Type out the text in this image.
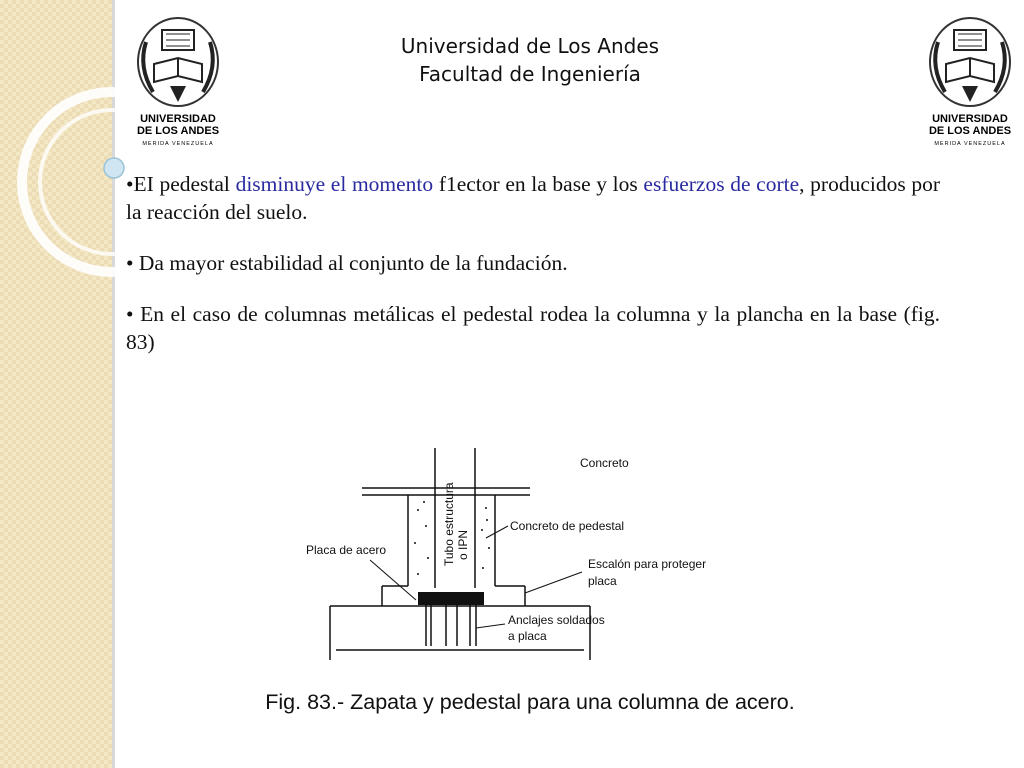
UNIVERSIDAD
DE LOS ANDES
MERIDA VENEZUELA
UNIVERSIDAD
DE LOS ANDES
MERIDA VENEZUELA
Universidad de Los Andes
Facultad de Ingeniería

•EI pedestal disminuye el momento f1ector en la base y los esfuerzos de corte, producidos por la reacción del suelo.

• Da mayor estabilidad al conjunto de la fundación.

• En el caso de columnas metálicas el pedestal rodea la columna y la plancha en la base (fig. 83)

Concreto
Concreto de pedestal
Placa de acero
Escalón para proteger
placa
Anclajes soldados
a placa
Tubo estructura o IPN
Fig. 83.- Zapata y pedestal para una columna de acero.
